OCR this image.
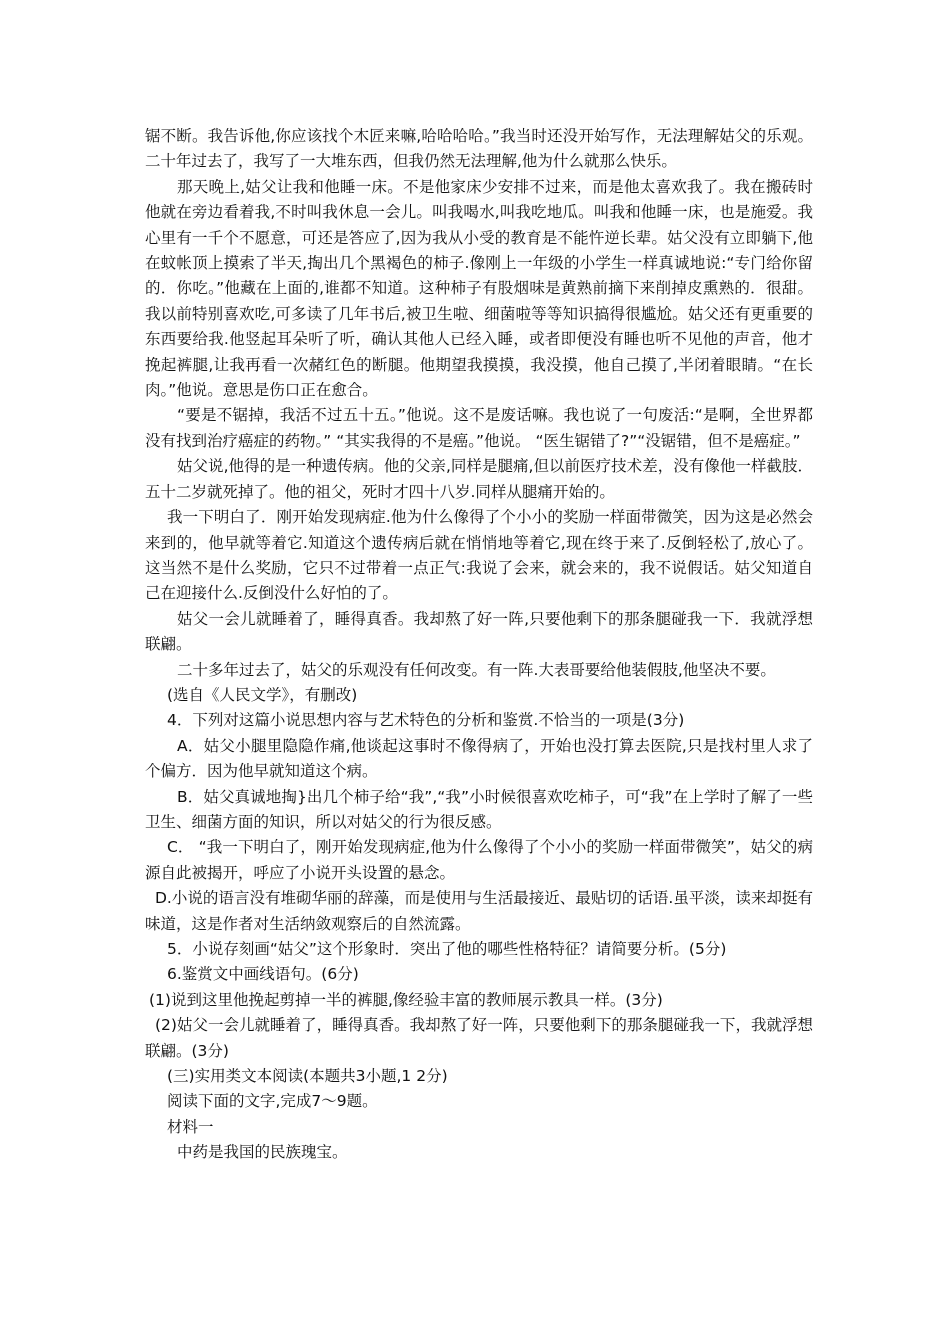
锯不断。我告诉他,你应该找个木匠来嘛,哈哈哈哈。”我当时还没开始写作，无法理解姑父的乐观。二十年过去了，我写了一大堆东西，但我仍然无法理解,他为什么就那么快乐。

那天晚上,姑父让我和他睡一床。不是他家床少安排不过来，而是他太喜欢我了。我在搬砖时他就在旁边看着我,不时叫我休息一会儿。叫我喝水,叫我吃地瓜。叫我和他睡一床，也是施爱。我心里有一千个不愿意，可还是答应了,因为我从小受的教育是不能忤逆长辈。姑父没有立即躺下,他在蚊帐顶上摸索了半天,掏出几个黑褐色的柿子.像刚上一年级的小学生一样真诚地说:“专门给你留的．你吃。”他藏在上面的,谁都不知道。这种柿子有股烟味是黄熟前摘下来削掉皮熏熟的．很甜。我以前特别喜欢吃,可多读了几年书后,被卫生啦、细菌啦等等知识搞得很尴尬。姑父还有更重要的东西要给我.他竖起耳朵听了听，确认其他人已经入睡，或者即便没有睡也听不见他的声音，他才挽起裤腿,让我再看一次赭红色的断腿。他期望我摸摸，我没摸，他自己摸了,半闭着眼睛。“在长肉。”他说。意思是伤口正在愈合。

“要是不锯掉，我活不过五十五。”他说。这不是废话嘛。我也说了一句废活:“是啊，全世界都没有找到治疗癌症的药物。” “其实我得的不是癌。”他说。 “医生锯错了?”“没锯错，但不是癌症。”

姑父说,他得的是一种遗传病。他的父亲,同样是腿痛,但以前医疗技术差，没有像他一样截肢．五十二岁就死掉了。他的祖父，死时才四十八岁.同样从腿痛开始的。

我一下明白了．刚开始发现病症.他为什么像得了个小小的奖励一样面带微笑，因为这是必然会来到的，他早就等着它.知道这个遗传病后就在悄悄地等着它,现在终于来了.反倒轻松了,放心了。这当然不是什么奖励，它只不过带着一点正气:我说了会来，就会来的，我不说假话。姑父知道自己在迎接什么.反倒没什么好怕的了。

姑父一会儿就睡着了，睡得真香。我却熬了好一阵,只要他剩下的那条腿碰我一下．我就浮想联翩。

二十多年过去了，姑父的乐观没有任何改变。有一阵.大表哥要给他装假肢,他坚决不要。

(选自《人民文学》，有删改)

4．下列对这篇小说思想内容与艺术特色的分析和鉴赏.不恰当的一项是(3分)

A．姑父小腿里隐隐作痛,他谈起这事时不像得病了，开始也没打算去医院,只是找村里人求了个偏方．因为他早就知道这个病。

B．姑父真诚地掏}出几个柿子给“我”,“我”小时候很喜欢吃柿子，可“我”在上学时了解了一些卫生、细菌方面的知识，所以对姑父的行为很反感。

C． “我一下明白了，刚开始发现病症,他为什么像得了个小小的奖励一样面带微笑”，姑父的病源自此被揭开，呼应了小说开头设置的悬念。

D.小说的语言没有堆砌华丽的辞藻，而是使用与生活最接近、最贴切的话语.虽平淡，读来却挺有味道，这是作者对生活纳敛观察后的自然流露。

5．小说存刻画“姑父”这个形象时．突出了他的哪些性格特征？请简要分析。(5分)

6.鉴赏文中画线语句。(6分)

(1)说到这里他挽起剪掉一半的裤腿,像经验丰富的教师展示教具一样。(3分)

(2)姑父一会儿就睡着了，睡得真香。我却熬了好一阵，只要他剩下的那条腿碰我一下，我就浮想联翩。(3分)

(三)实用类文本阅读(本题共3小题,1 2分)

阅读下面的文字,完成7～9题。

材料一

中药是我国的民族瑰宝。
